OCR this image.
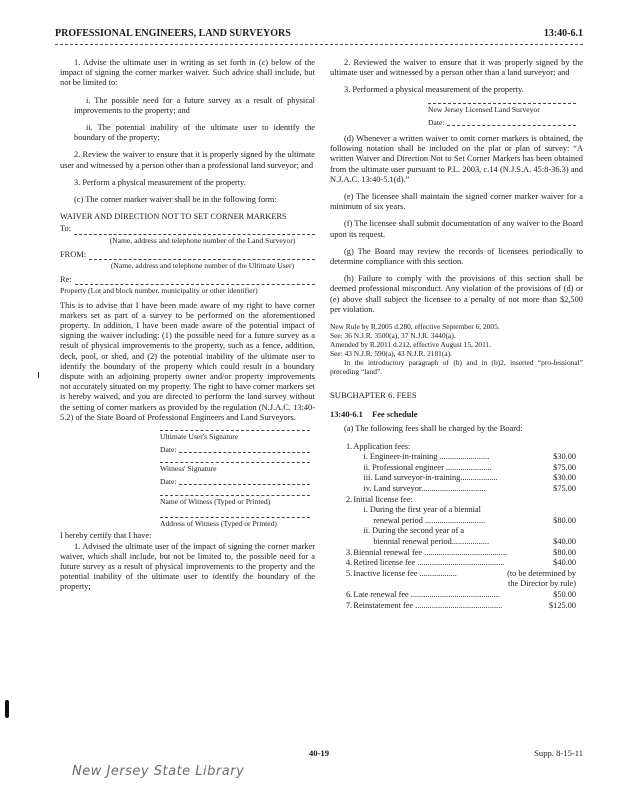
PROFESSIONAL ENGINEERS, LAND SURVEYORS	13:40-6.1

1. Advise the ultimate user in writing as set forth in (c) below of the impact of signing the corner marker waiver. Such advice shall include, but not be limited to:

i. The possible need for a future survey as a result of physical improvements to the property; and

ii. The potential inability of the ultimate user to identify the boundary of the property;

2. Review the waiver to ensure that it is properly signed by the ultimate user and witnessed by a person other than a professional land surveyor; and

3. Perform a physical measurement of the property.

(c) The corner marker waiver shall be in the following form:

WAIVER AND DIRECTION NOT TO SET CORNER MARKERS
To:
(Name, address and telephone number of the Land Surveyor)
FROM:
(Name, address and telephone number of the Ultimate User)
Re:
Property (Lot and block number, municipality or other identifier)

This is to advise that I have been made aware of my right to have corner markers set as part of a survey to be performed on the aforementioned property. In addition, I have been made aware of the potential impact of signing the waiver including: (1) the possible need for a future survey as a result of physical improvements to the property, such as a fence, addition, deck, pool, or shed, and (2) the potential inability of the ultimate user to identify the boundary of the property which could result in a boundary dispute with an adjoining property owner and/or property improvements not accurately situated on my property. The right to have corner markers set is hereby waived, and you are directed to perform the land survey without the setting of corner markers as provided by the regulation (N.J.A.C. 13:40-5.2) of the State Board of Professional Engineers and Land Surveyors.

Ultimate User's Signature
Date:
Witness' Signature
Date:
Name of Witness (Typed or Printed)
Address of Witness (Typed or Printed)
I hereby certify that I have:

1. Advised the ultimate user of the impact of signing the corner marker waiver, which shall include, but not be limited to, the possible need for a future survey as a result of physical improvements to the property and the potential inability of the ultimate user to identify the boundary of the property;

2. Reviewed the waiver to ensure that it was properly signed by the ultimate user and witnessed by a person other than a land surveyor; and

3. Performed a physical measurement of the property.

New Jersey Licensed Land Surveyor
Date:

(d) Whenever a written waiver to omit corner markers is obtained, the following notation shall be included on the plat or plan of survey: “A written Waiver and Direction Not to Set Corner Markers has been obtained from the ultimate user pursuant to P.L. 2003, c.14 (N.J.S.A. 45:8-36.3) and N.J.A.C. 13:40-5.1(d).”

(e) The licensee shall maintain the signed corner marker waiver for a minimum of six years.

(f) The licensee shall submit documentation of any waiver to the Board upon its request.

(g) The Board may review the records of licensees periodically to determine compliance with this section.

(h) Failure to comply with the provisions of this section shall be deemed professional misconduct. Any violation of the provisions of (d) or (e) above shall subject the licensee to a penalty of not more than $2,500 per violation.

New Rule by R.2005 d.280, effective September 6, 2005.
See: 36 N.J.R. 3500(a), 37 N.J.R. 3440(a).
Amended by R.2011 d.212, effective August 15, 2011.
See: 43 N.J.R. 590(a), 43 N.J.R. 2181(a).
In the introductory paragraph of (b) and in (b)2, inserted “pro-fessional” preceding “land”.
SUBCHAPTER 6. FEES
13:40-6.1 Fee schedule

(a) The following fees shall be charged by the Board:

1.	Application fees:	
	i. Engineer-in-training ........................	$30.00
	ii. Professional engineer ......................	$75.00
	iii. Land surveyor-in-training..................	$30.00
	iv. Land surveyor...............................	$75.00
2.	Initial license fee:	
	i. During the first year of a biennial	
	renewal period .............................	$80.00
	ii. During the second year of a	
	biennial renewal period..................	$40.00
3.	Biennial renewal fee ........................................	$80.00
4.	Retired license fee ..........................................	$40.00
5.	Inactive license fee ..................	(to be determined by
		the Director by rule)
6.	Late renewal fee ...........................................	$50.00
7.	Reinstatement fee ..........................................	$125.00
40-19	Supp. 8-15-11
New Jersey State Library
